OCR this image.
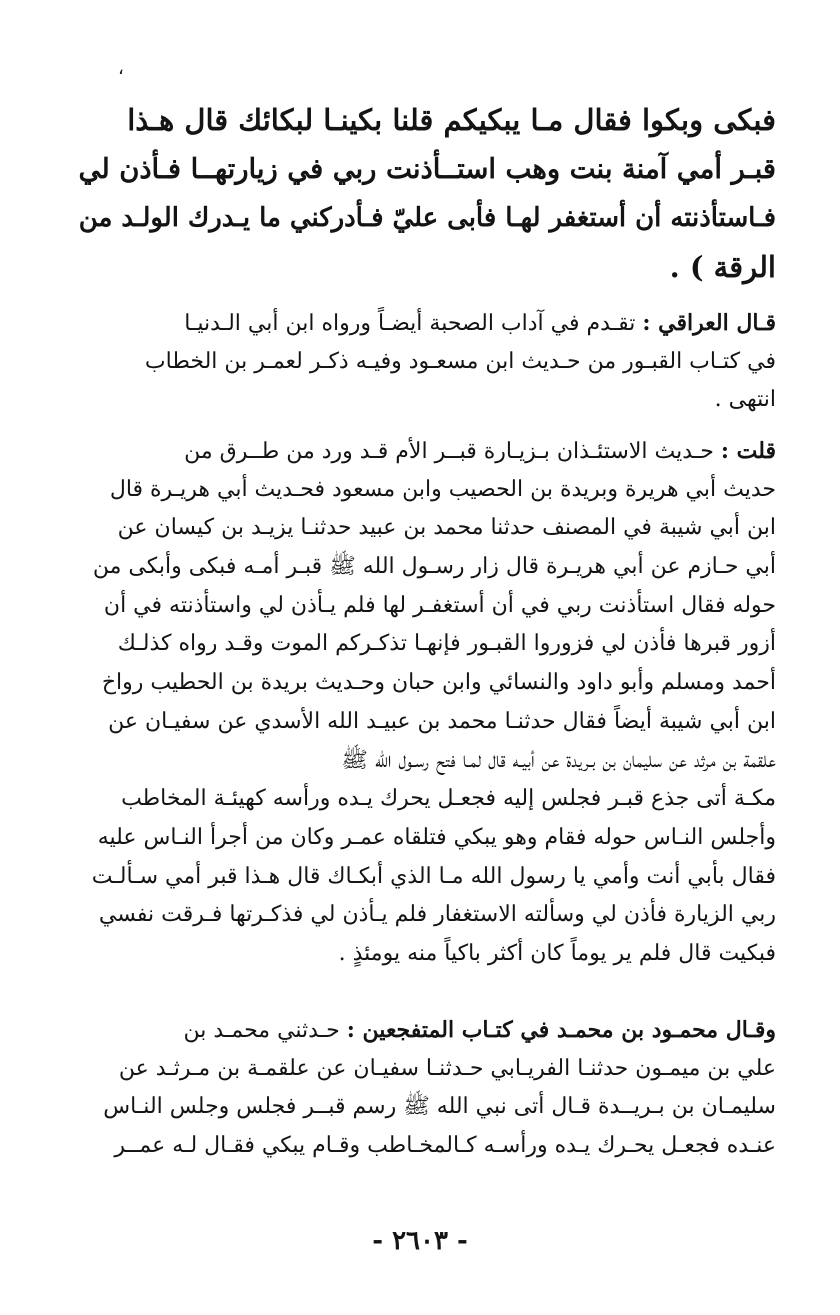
،
فبكى وبكوا فقال مـا يبكيكم قلنا بكينـا لبكائك قال هـذا
قبـر أمي آمنة بنت وهب استــأذنت ربي في زيارتهــا فـأذن لي
فـاستأذنته أن أستغفر لهـا فأبى عليّ فـأدركني ما يـدرك الولـد من
الرقة ) .
قـال العراقي : تقـدم في آداب الصحبة أيضـاً ورواه ابن أبي الـدنيـا
في كتـاب القبـور من حـديث ابن مسعـود وفيـه ذكـر لعمـر بن الخطاب
انتهى .
قلت : حـديث الاستئـذان بـزيـارة قبــر الأم قـد ورد من طــرق من
حديث أبي هريرة وبريدة بن الحصيب وابن مسعود فحـديث أبي هريـرة قال
ابن أبي شيبة في المصنف حدثنا محمد بن عبيد حدثنـا يزيـد بن كيسان عن
أبي حـازم عن أبي هريـرة قال زار رسـول الله ﷺ قبـر أمـه فبكى وأبكى من
حوله فقال استأذنت ربي في أن أستغفـر لها فلم يـأذن لي واستأذنته في أن
أزور قبرها فأذن لي فزوروا القبـور فإنهـا تذكـركم الموت وقـد رواه كذلـك
أحمد ومسلم وأبو داود والنسائي وابن حبان وحـديث بريدة بن الحطيب رواخ
ابن أبي شيبة أيضاً فقال حدثنـا محمد بن عبيـد الله الأسدي عن سفيـان عن
علقمة بن مرثد عن سليمان بن بـريدة عن أبيـه قال لمـا فتح رسـول الله ﷺ
مكـة أتى جذع قبـر فجلس إليه فجعـل يحرك يـده ورأسه كهيئـة المخاطب
وأجلس النـاس حوله فقام وهو يبكي فتلقاه عمـر وكان من أجرأ النـاس عليه
فقال بأبي أنت وأمي يا رسول الله مـا الذي أبكـاك قال هـذا قبر أمي سـألـت
ربي الزيارة فأذن لي وسألته الاستغفار فلم يـأذن لي فذكـرتها فـرقت نفسي
فبكيت قال فلم ير يوماً كان أكثر باكياً منه يومئذٍ .
وقـال محمـود بن محمـد في كتـاب المتفجعين : حـدثني محمـد بن
علي بن ميمـون حدثنـا الفريـابي حـدثنـا سفيـان عن علقمـة بن مـرثـد عن
سليمـان بن بـريــدة قـال أتى نبي الله ﷺ رسم قبــر فجلس وجلس النـاس
عنـده فجعـل يحـرك يـده ورأسـه كـالمخـاطب وقـام يبكي فقـال لـه عمــر
- ٢٦٠٣ -
